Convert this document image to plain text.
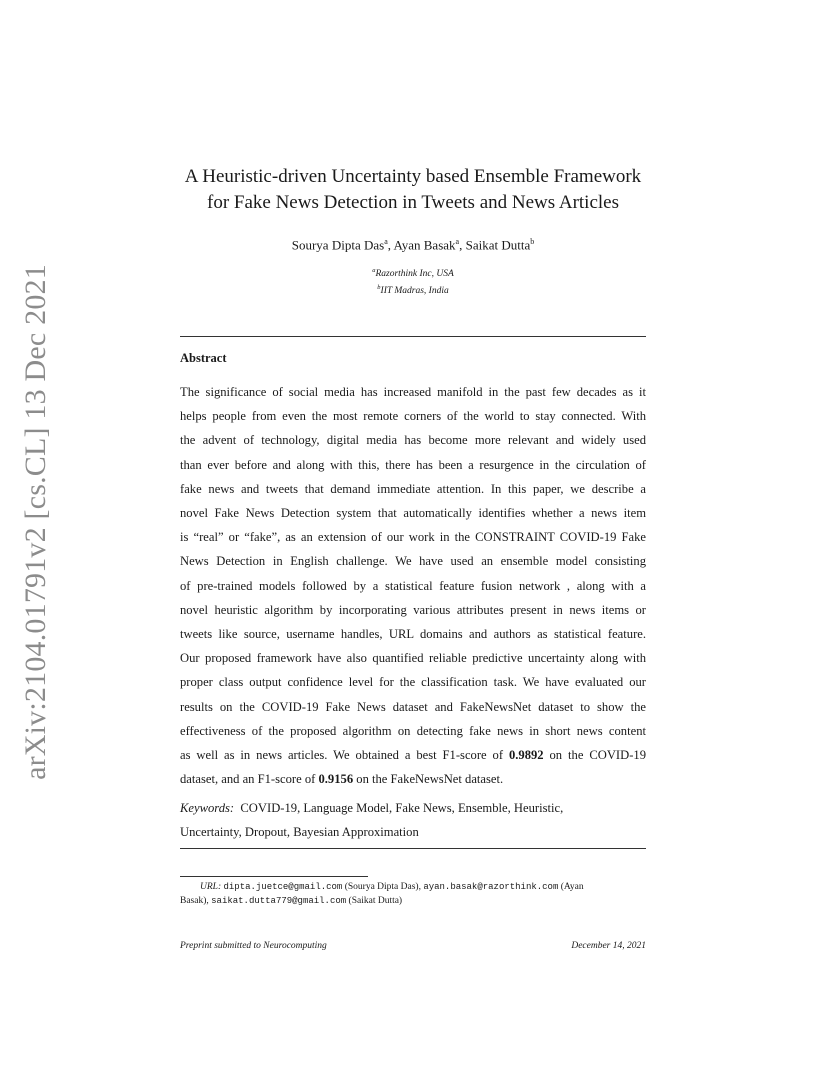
arXiv:2104.01791v2 [cs.CL] 13 Dec 2021
A Heuristic-driven Uncertainty based Ensemble Framework
for Fake News Detection in Tweets and News Articles
Sourya Dipta Das$^a$, Ayan Basak$^a$, Saikat Dutta$^b$
$^a$Razorthink Inc, USA
$^b$IIT Madras, India
Abstract
The significance of social media has increased manifold in the past few decades as it
helps people from even the most remote corners of the world to stay connected. With
the advent of technology, digital media has become more relevant and widely used
than ever before and along with this, there has been a resurgence in the circulation of
fake news and tweets that demand immediate attention. In this paper, we describe a
novel Fake News Detection system that automatically identifies whether a news item
is “real” or “fake”, as an extension of our work in the CONSTRAINT COVID-19 Fake
News Detection in English challenge. We have used an ensemble model consisting
of pre-trained models followed by a statistical feature fusion network , along with a
novel heuristic algorithm by incorporating various attributes present in news items or
tweets like source, username handles, URL domains and authors as statistical feature.
Our proposed framework have also quantified reliable predictive uncertainty along with
proper class output confidence level for the classification task. We have evaluated our
results on the COVID-19 Fake News dataset and FakeNewsNet dataset to show the
effectiveness of the proposed algorithm on detecting fake news in short news content
as well as in news articles. We obtained a best F1-score of 0.9892 on the COVID-19
dataset, and an F1-score of 0.9156 on the FakeNewsNet dataset.
Keywords:  COVID-19, Language Model, Fake News, Ensemble, Heuristic,
Uncertainty, Dropout, Bayesian Approximation
URL: dipta.juetce@gmail.com (Sourya Dipta Das), ayan.basak@razorthink.com (Ayan
Basak), saikat.dutta779@gmail.com (Saikat Dutta)
Preprint submitted to Neurocomputing	December 14, 2021
